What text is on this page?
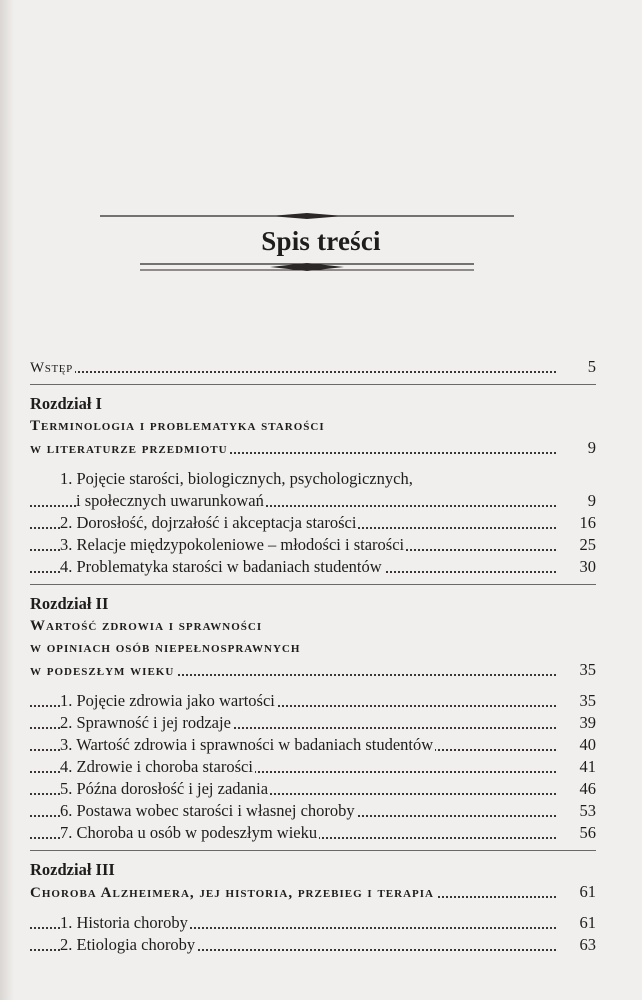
Spis treści
Wstęp	5
Rozdział I
Terminologia i problematyka starości
w literaturze przedmiotu	9
1. Pojęcie starości, biologicznych, psychologicznych,
i społecznych uwarunkowań	9
2. Dorosłość, dojrzałość i akceptacja starości	16
3. Relacje międzypokoleniowe – młodości i starości	25
4. Problematyka starości w badaniach studentów	30
Rozdział II
Wartość zdrowia i sprawności
w opiniach osób niepełnosprawnych
w podeszłym wieku	35
1. Pojęcie zdrowia jako wartości	35
2. Sprawność i jej rodzaje	39
3. Wartość zdrowia i sprawności w badaniach studentów	40
4. Zdrowie i choroba starości	41
5. Późna dorosłość i jej zadania	46
6. Postawa wobec starości i własnej choroby	53
7. Choroba u osób w podeszłym wieku	56
Rozdział III
Choroba Alzheimera, jej historia, przebieg i terapia	61
1. Historia choroby	61
2. Etiologia choroby	63
